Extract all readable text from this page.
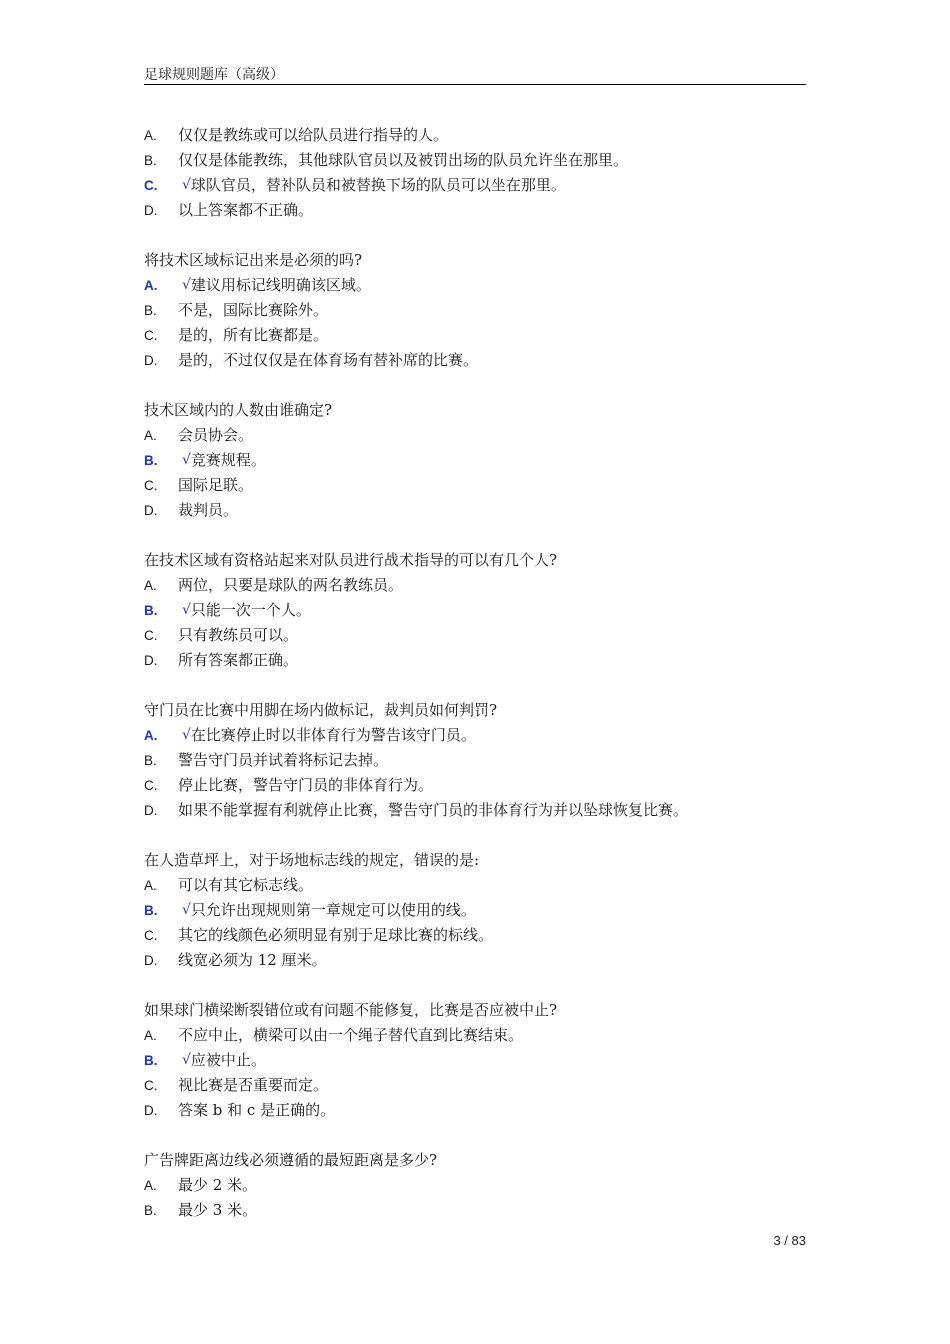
足球规则题库（高级）
A.	仅仅是教练或可以给队员进行指导的人。
B.	仅仅是体能教练，其他球队官员以及被罚出场的队员允许坐在那里。
C.	√ 球队官员，替补队员和被替换下场的队员可以坐在那里。
D.	以上答案都不正确。
将技术区域标记出来是必须的吗?
A.	√ 建议用标记线明确该区域。
B.	不是，国际比赛除外。
C.	是的，所有比赛都是。
D.	是的，不过仅仅是在体育场有替补席的比赛。
技术区域内的人数由谁确定?
A.	会员协会。
B.	√ 竞赛规程。
C.	国际足联。
D.	裁判员。
在技术区域有资格站起来对队员进行战术指导的可以有几个人?
A.	两位，只要是球队的两名教练员。
B.	√ 只能一次一个人。
C.	只有教练员可以。
D.	所有答案都正确。
守门员在比赛中用脚在场内做标记，裁判员如何判罚?
A.	√ 在比赛停止时以非体育行为警告该守门员。
B.	警告守门员并试着将标记去掉。
C.	停止比赛，警告守门员的非体育行为。
D.	如果不能掌握有利就停止比赛，警告守门员的非体育行为并以坠球恢复比赛。
在人造草坪上，对于场地标志线的规定，错误的是:
A.	可以有其它标志线。
B.	√ 只允许出现规则第一章规定可以使用的线。
C.	其它的线颜色必须明显有别于足球比赛的标线。
D.	线宽必须为 12 厘米。
如果球门横梁断裂错位或有问题不能修复，比赛是否应被中止?
A.	不应中止，横梁可以由一个绳子替代直到比赛结束。
B.	√ 应被中止。
C.	视比赛是否重要而定。
D.	答案 b 和 c 是正确的。
广告牌距离边线必须遵循的最短距离是多少?
A.	最少 2 米。
B.	最少 3 米。
3 / 83
